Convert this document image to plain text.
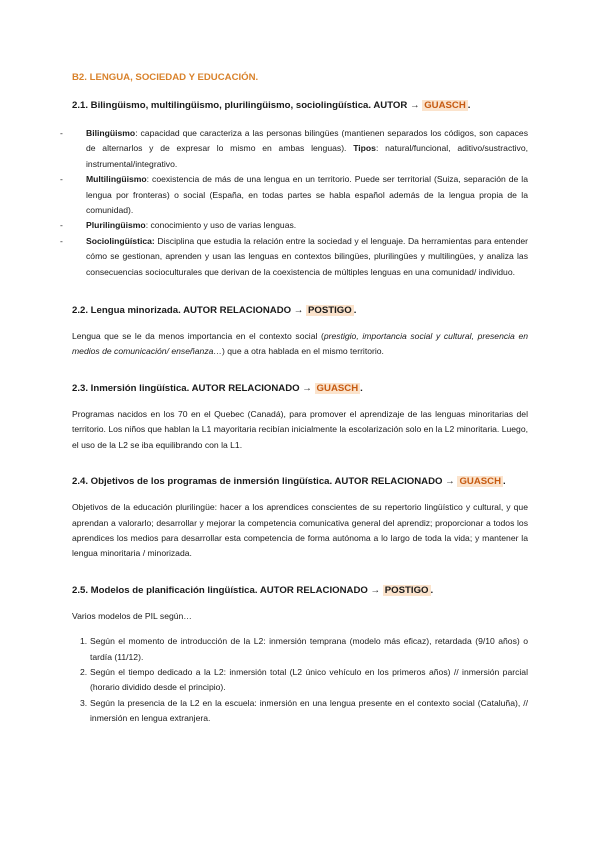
B2. LENGUA, SOCIEDAD Y EDUCACIÓN.
2.1. Bilingüismo, multilingüismo, plurilingüismo, sociolingüística. AUTOR → GUASCH .
-	Bilingüismo: capacidad que caracteriza a las personas bilingües (mantienen separados los códigos, son capaces de alternarlos y de expresar lo mismo en ambas lenguas). Tipos: natural/funcional, aditivo/sustractivo, instrumental/integrativo.
-	Multilingüismo: coexistencia de más de una lengua en un territorio. Puede ser territorial (Suiza, separación de la lengua por fronteras) o social (España, en todas partes se habla español además de la lengua propia de la comunidad).
-	Plurilingüismo: conocimiento y uso de varias lenguas.
-	Sociolingüística: Disciplina que estudia la relación entre la sociedad y el lenguaje. Da herramientas para entender cómo se gestionan, aprenden y usan las lenguas en contextos bilingües, plurilingües y multilingües, y analiza las consecuencias socioculturales que derivan de la coexistencia de múltiples lenguas en una comunidad/ individuo.
2.2. Lengua minorizada. AUTOR RELACIONADO → POSTIGO .

Lengua que se le da menos importancia en el contexto social (prestigio, importancia social y cultural, presencia en medios de comunicación/ enseñanza…) que a otra hablada en el mismo territorio.

2.3. Inmersión lingüística. AUTOR RELACIONADO → GUASCH .

Programas nacidos en los 70 en el Quebec (Canadá), para promover el aprendizaje de las lenguas minoritarias del territorio. Los niños que hablan la L1 mayoritaria recibían inicialmente la escolarización solo en la L2 minoritaria. Luego, el uso de la L2 se iba equilibrando con la L1.

2.4. Objetivos de los programas de inmersión lingüística. AUTOR RELACIONADO → GUASCH .

Objetivos de la educación plurilingüe: hacer a los aprendices conscientes de su repertorio lingüístico y cultural, y que aprendan a valorarlo; desarrollar y mejorar la competencia comunicativa general del aprendiz; proporcionar a todos los aprendices los medios para desarrollar esta competencia de forma autónoma a lo largo de toda la vida; y mantener la lengua minoritaria / minorizada.

2.5. Modelos de planificación lingüística. AUTOR RELACIONADO → POSTIGO .

Varios modelos de PIL según…

1. Según el momento de introducción de la L2: inmersión temprana (modelo más eficaz), retardada (9/10 años) o tardía (11/12).
2. Según el tiempo dedicado a la L2: inmersión total (L2 único vehículo en los primeros años) // inmersión parcial (horario dividido desde el principio).
3. Según la presencia de la L2 en la escuela: inmersión en una lengua presente en el contexto social (Cataluña), // inmersión en lengua extranjera.
